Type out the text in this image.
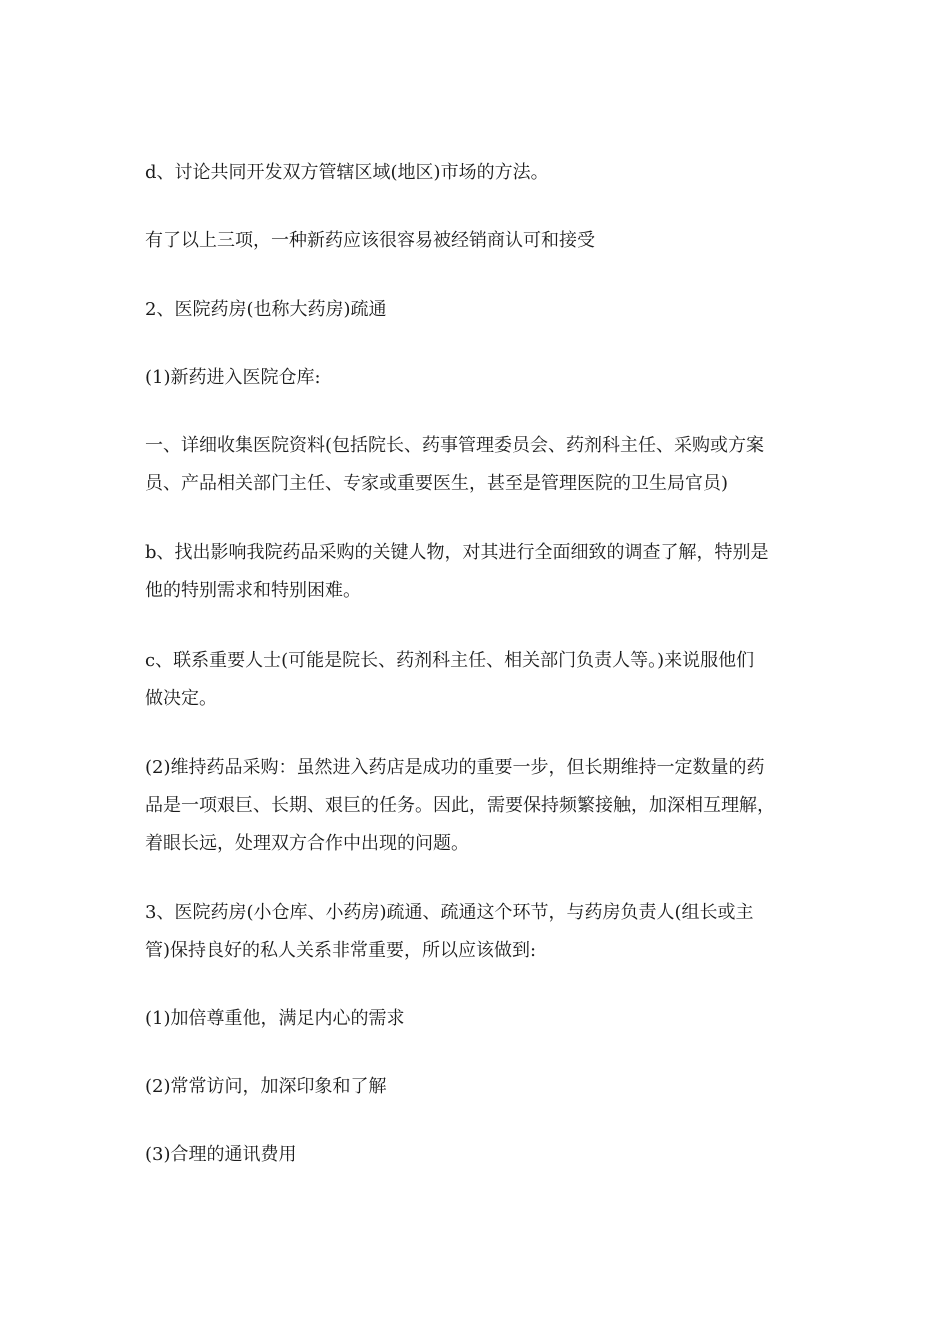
d、讨论共同开发双方管辖区域(地区)市场的方法。

有了以上三项，一种新药应该很容易被经销商认可和接受

2、医院药房(也称大药房)疏通

(1)新药进入医院仓库:

一、详细收集医院资料(包括院长、药事管理委员会、药剂科主任、采购或方案
员、产品相关部门主任、专家或重要医生，甚至是管理医院的卫生局官员)

b、找出影响我院药品采购的关键人物，对其进行全面细致的调查了解，特别是
他的特别需求和特别困难。

c、联系重要人士(可能是院长、药剂科主任、相关部门负责人等。)来说服他们
做决定。

(2)维持药品采购：虽然进入药店是成功的重要一步，但长期维持一定数量的药
品是一项艰巨、长期、艰巨的任务。因此，需要保持频繁接触，加深相互理解，
着眼长远，处理双方合作中出现的问题。

3、医院药房(小仓库、小药房)疏通、疏通这个环节，与药房负责人(组长或主
管)保持良好的私人关系非常重要，所以应该做到:

(1)加倍尊重他，满足内心的需求

(2)常常访问，加深印象和了解

(3)合理的通讯费用
